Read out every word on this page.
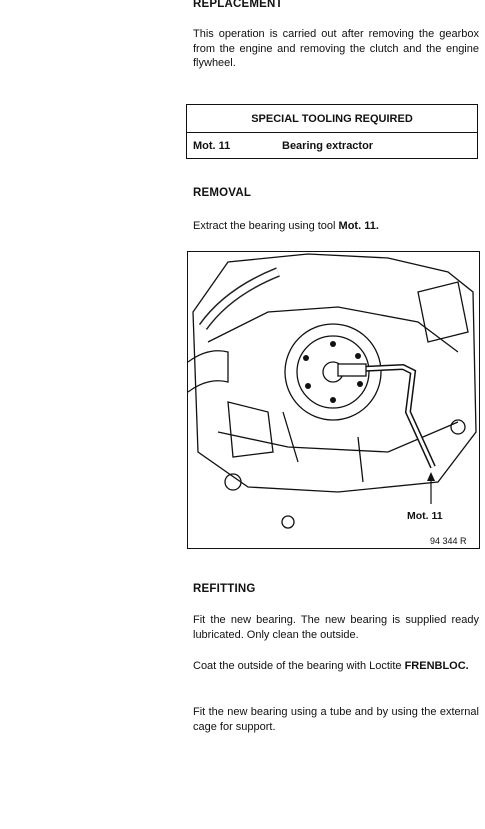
REPLACEMENT
This operation is carried out after removing the gearbox from the engine and removing the clutch and the engine flywheel.
SPECIAL TOOLING REQUIRED
Mot. 11	Bearing extractor
REMOVAL
Extract the bearing using tool Mot. 11.
Mot. 11
94 344 R
REFITTING
Fit the new bearing. The new bearing is supplied ready lubricated. Only clean the outside.
Coat the outside of the bearing with Loctite FRENBLOC.
Fit the new bearing using a tube and by using the external cage for support.
